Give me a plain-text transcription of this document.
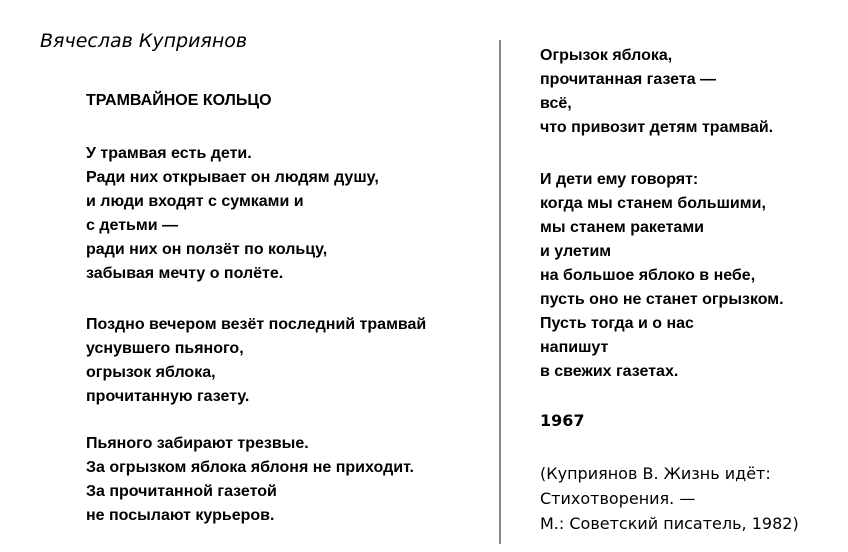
Вячеслав Куприянов
ТРАМВАЙНОЕ КОЛЬЦО
У трамвая есть дети.
Ради них открывает он людям душу,
и люди входят с сумками и
с детьми —
ради них он ползёт по кольцу,
забывая мечту о полёте.
Поздно вечером везёт последний трамвай
уснувшего пьяного,
огрызок яблока,
прочитанную газету.
Пьяного забирают трезвые.
За огрызком яблока яблоня не приходит.
За прочитанной газетой
не посылают курьеров.
Огрызок яблока,
прочитанная газета —
всё,
что привозит детям трамвай.
И дети ему говорят:
когда мы станем большими,
мы станем ракетами
и улетим
на большое яблоко в небе,
пусть оно не станет огрызком.
Пусть тогда и о нас
напишут
в свежих газетах.
1967
(Куприянов В. Жизнь идёт:
Стихотворения. —
М.: Советский писатель, 1982)
